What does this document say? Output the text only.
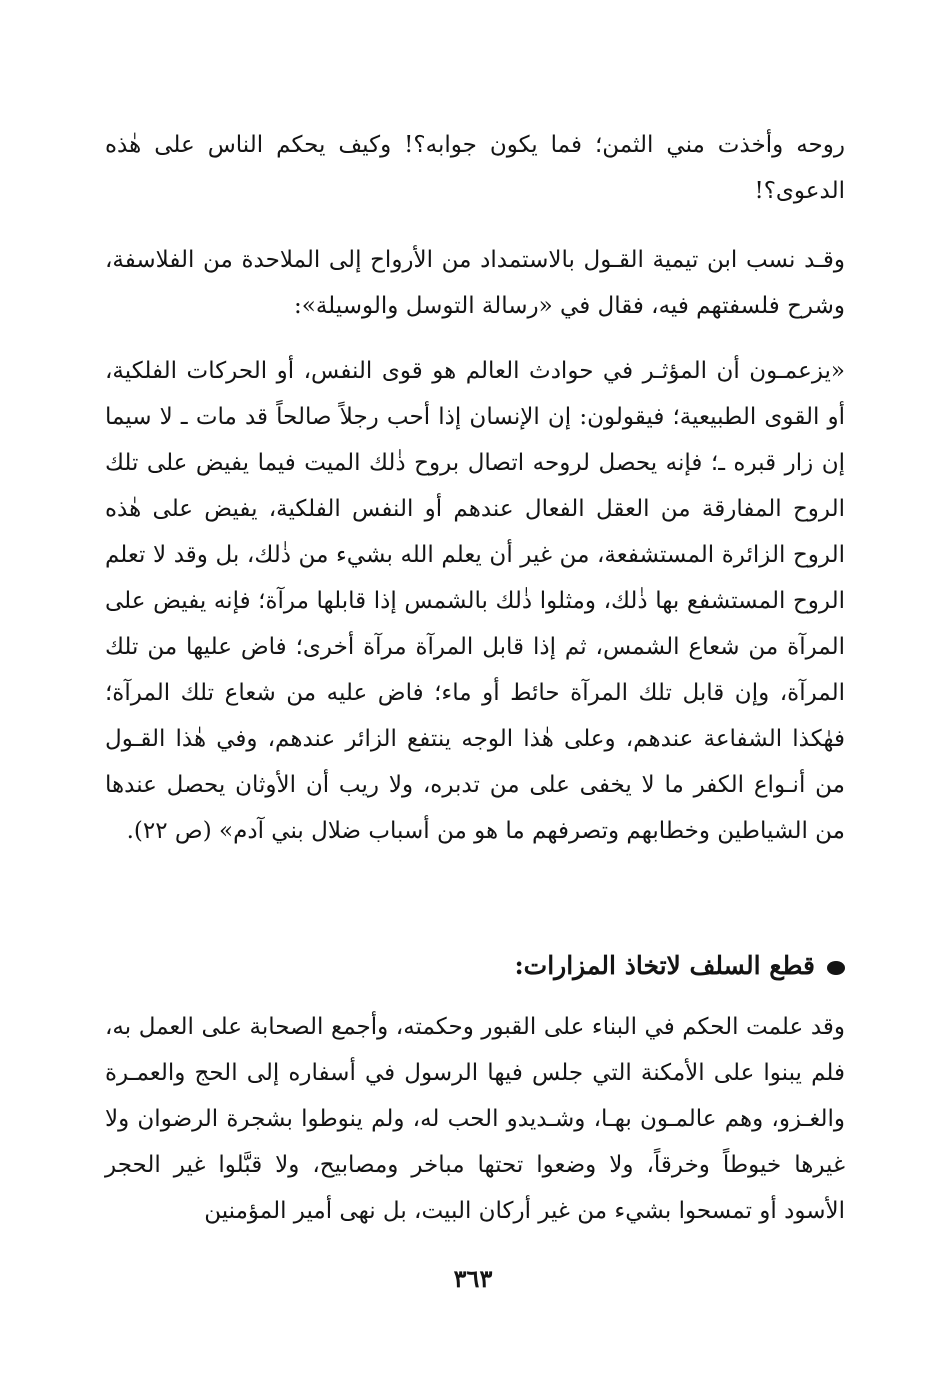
روحه وأخذت مني الثمن؛ فما يكون جوابه؟! وكيف يحكم الناس على هٰذه الدعوى؟!

وقـد نسب ابن تيمية القـول بالاستمداد من الأرواح إلى الملاحدة من الفلاسفة، وشرح فلسفتهم فيه، فقال في «رسالة التوسل والوسيلة»:

«يزعمـون أن المؤثـر في حوادث العالم هو قوى النفس، أو الحركات الفلكية، أو القوى الطبيعية؛ فيقولون: إن الإنسان إذا أحب رجلاً صالحاً قد مات ـ لا سيما إن زار قبره ـ؛ فإنه يحصل لروحه اتصال بروح ذٰلك الميت فيما يفيض على تلك الروح المفارقة من العقل الفعال عندهم أو النفس الفلكية، يفيض على هٰذه الروح الزائرة المستشفعة، من غير أن يعلم الله بشيء من ذٰلك، بل وقد لا تعلم الروح المستشفع بها ذٰلك، ومثلوا ذٰلك بالشمس إذا قابلها مرآة؛ فإنه يفيض على المرآة من شعاع الشمس، ثم إذا قابل المرآة مرآة أخرى؛ فاض عليها من تلك المرآة، وإن قابل تلك المرآة حائط أو ماء؛ فاض عليه من شعاع تلك المرآة؛ فهٰكذا الشفاعة عندهم، وعلى هٰذا الوجه ينتفع الزائر عندهم، وفي هٰذا القـول من أنـواع الكفر ما لا يخفى على من تدبره، ولا ريب أن الأوثان يحصل عندها من الشياطين وخطابهم وتصرفهم ما هو من أسباب ضلال بني آدم» (ص ٢٢).

قطع السلف لاتخاذ المزارات:

وقد علمت الحكم في البناء على القبور وحكمته، وأجمع الصحابة على العمل به، فلم يبنوا على الأمكنة التي جلس فيها الرسول في أسفاره إلى الحج والعمـرة والغـزو، وهم عالمـون بهـا، وشـديدو الحب له، ولم ينوطوا بشجرة الرضوان ولا غيرها خيوطاً وخرقاً، ولا وضعوا تحتها مباخر ومصابيح، ولا قبَّلوا غير الحجر الأسود أو تمسحوا بشيء من غير أركان البيت، بل نهى أمير المؤمنين

٣٦٣
